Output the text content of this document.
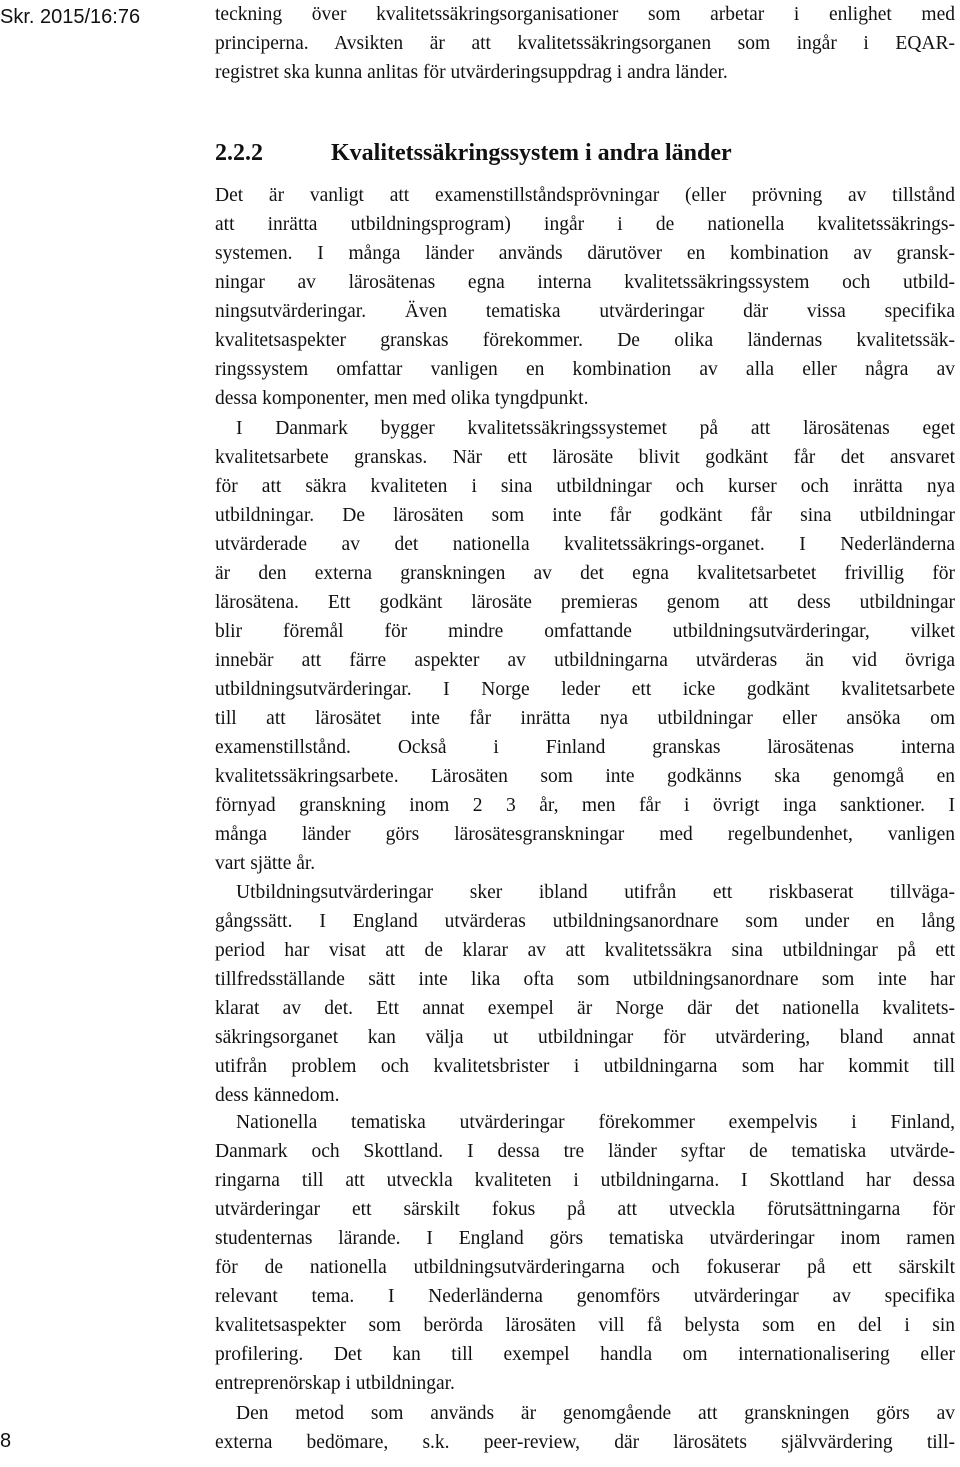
Skr. 2015/16:76	teckning över kvalitetssäkringsorganisationer som arbetar i enlighet med
principerna. Avsikten är att kvalitetssäkringsorganen som ingår i EQAR-
registret ska kunna anlitas för utvärderingsuppdrag i andra länder.
2.2.2	Kvalitetssäkringssystem i andra länder
Det är vanligt att examenstillståndsprövningar (eller prövning av tillstånd
att inrätta utbildningsprogram) ingår i de nationella kvalitetssäkrings-
systemen. I många länder används därutöver en kombination av gransk-
ningar av lärosätenas egna interna kvalitetssäkringssystem och utbild-
ningsutvärderingar. Även tematiska utvärderingar där vissa specifika
kvalitetsaspekter granskas förekommer. De olika ländernas kvalitetssäk-
ringssystem omfattar vanligen en kombination av alla eller några av
dessa komponenter, men med olika tyngdpunkt.
I Danmark bygger kvalitetssäkringssystemet på att lärosätenas eget
kvalitetsarbete granskas. När ett lärosäte blivit godkänt får det ansvaret
för att säkra kvaliteten i sina utbildningar och kurser och inrätta nya
utbildningar. De lärosäten som inte får godkänt får sina utbildningar
utvärderade av det nationella kvalitetssäkrings-organet. I Nederländerna
är den externa granskningen av det egna kvalitetsarbetet frivillig för
lärosätena. Ett godkänt lärosäte premieras genom att dess utbildningar
blir föremål för mindre omfattande utbildningsutvärderingar, vilket
innebär att färre aspekter av utbildningarna utvärderas än vid övriga
utbildningsutvärderingar. I Norge leder ett icke godkänt kvalitetsarbete
till att lärosätet inte får inrätta nya utbildningar eller ansöka om
examenstillstånd. Också i Finland granskas lärosätenas interna
kvalitetssäkringsarbete. Lärosäten som inte godkänns ska genomgå en
förnyad granskning inom 2 3 år, men får i övrigt inga sanktioner. I
många länder görs lärosätesgranskningar med regelbundenhet, vanligen
vart sjätte år.
Utbildningsutvärderingar sker ibland utifrån ett riskbaserat tillväga-
gångssätt. I England utvärderas utbildningsanordnare som under en lång
period har visat att de klarar av att kvalitetssäkra sina utbildningar på ett
tillfredsställande sätt inte lika ofta som utbildningsanordnare som inte har
klarat av det. Ett annat exempel är Norge där det nationella kvalitets-
säkringsorganet kan välja ut utbildningar för utvärdering, bland annat
utifrån problem och kvalitetsbrister i utbildningarna som har kommit till
dess kännedom.
Nationella tematiska utvärderingar förekommer exempelvis i Finland,
Danmark och Skottland. I dessa tre länder syftar de tematiska utvärde-
ringarna till att utveckla kvaliteten i utbildningarna. I Skottland har dessa
utvärderingar ett särskilt fokus på att utveckla förutsättningarna för
studenternas lärande. I England görs tematiska utvärderingar inom ramen
för de nationella utbildningsutvärderingarna och fokuserar på ett särskilt
relevant tema. I Nederländerna genomförs utvärderingar av specifika
kvalitetsaspekter som berörda lärosäten vill få belysta som en del i sin
profilering. Det kan till exempel handla om internationalisering eller
entreprenörskap i utbildningar.
Den metod som används är genomgående att granskningen görs av
externa bedömare, s.k. peer-review, där lärosätets självvärdering till-
8
